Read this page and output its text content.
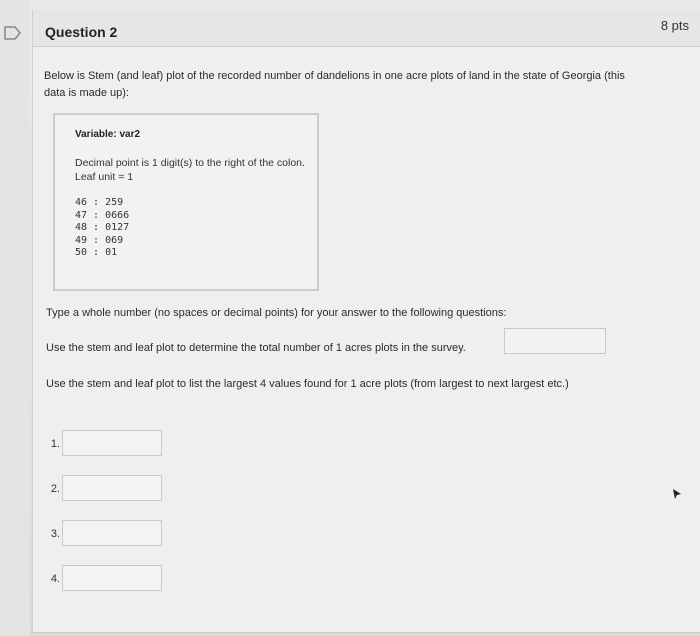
Question 2	8 pts
Below is Stem (and leaf) plot of the recorded number of dandelions in one acre plots of land in the state of Georgia (this
data is made up):
Variable: var2
Decimal point is 1 digit(s) to the right of the colon.
Leaf unit = 1
46 : 259
47 : 0666
48 : 0127
49 : 069
50 : 01
Type a whole number (no spaces or decimal points) for your answer to the following questions:
Use the stem and leaf plot to determine the total number of 1 acres plots in the survey.
Use the stem and leaf plot to list the largest 4 values found for 1 acre plots (from largest to next largest etc.)
1.
2.
3.
4.
